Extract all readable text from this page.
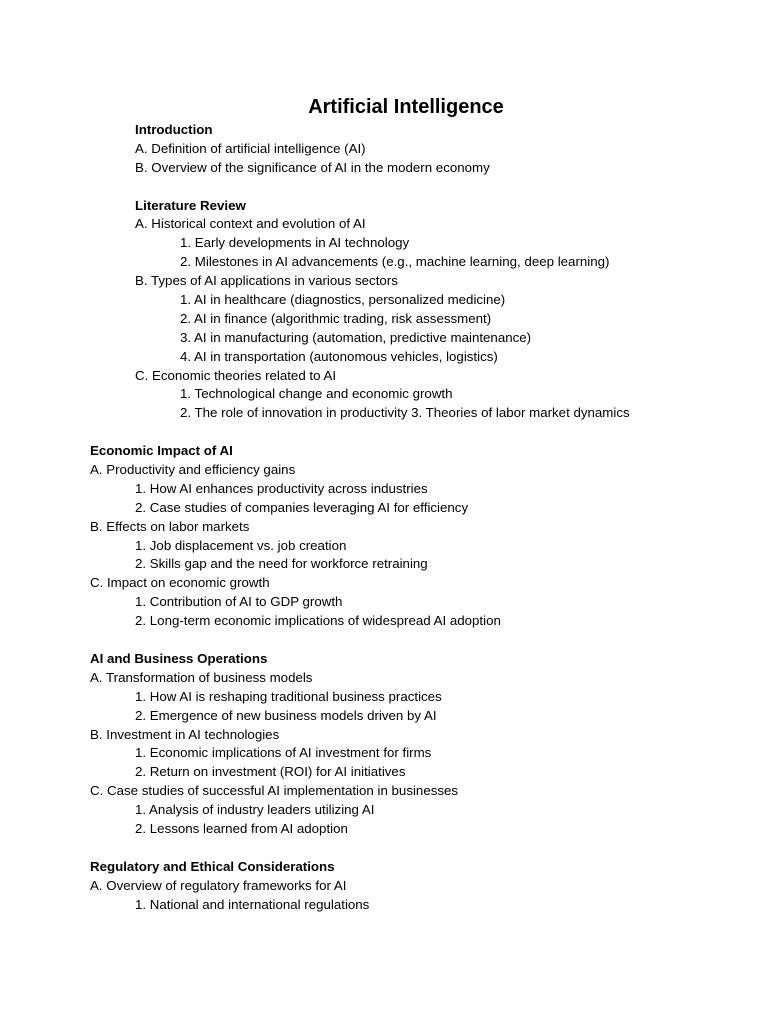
Artificial Intelligence
Introduction
A. Definition of artificial intelligence (AI)
B. Overview of the significance of AI in the modern economy
Literature Review
A. Historical context and evolution of AI
1. Early developments in AI technology
2. Milestones in AI advancements (e.g., machine learning, deep learning)
B. Types of AI applications in various sectors
1. AI in healthcare (diagnostics, personalized medicine)
2. AI in finance (algorithmic trading, risk assessment)
3. AI in manufacturing (automation, predictive maintenance)
4. AI in transportation (autonomous vehicles, logistics)
C. Economic theories related to AI
1. Technological change and economic growth
2. The role of innovation in productivity 3. Theories of labor market dynamics
Economic Impact of AI
A. Productivity and efficiency gains
1. How AI enhances productivity across industries
2. Case studies of companies leveraging AI for efficiency
B. Effects on labor markets
1. Job displacement vs. job creation
2. Skills gap and the need for workforce retraining
C. Impact on economic growth
1. Contribution of AI to GDP growth
2. Long-term economic implications of widespread AI adoption
AI and Business Operations
A. Transformation of business models
1. How AI is reshaping traditional business practices
2. Emergence of new business models driven by AI
B. Investment in AI technologies
1. Economic implications of AI investment for firms
2. Return on investment (ROI) for AI initiatives
C. Case studies of successful AI implementation in businesses
1. Analysis of industry leaders utilizing AI
2. Lessons learned from AI adoption
Regulatory and Ethical Considerations
A. Overview of regulatory frameworks for AI
1. National and international regulations
